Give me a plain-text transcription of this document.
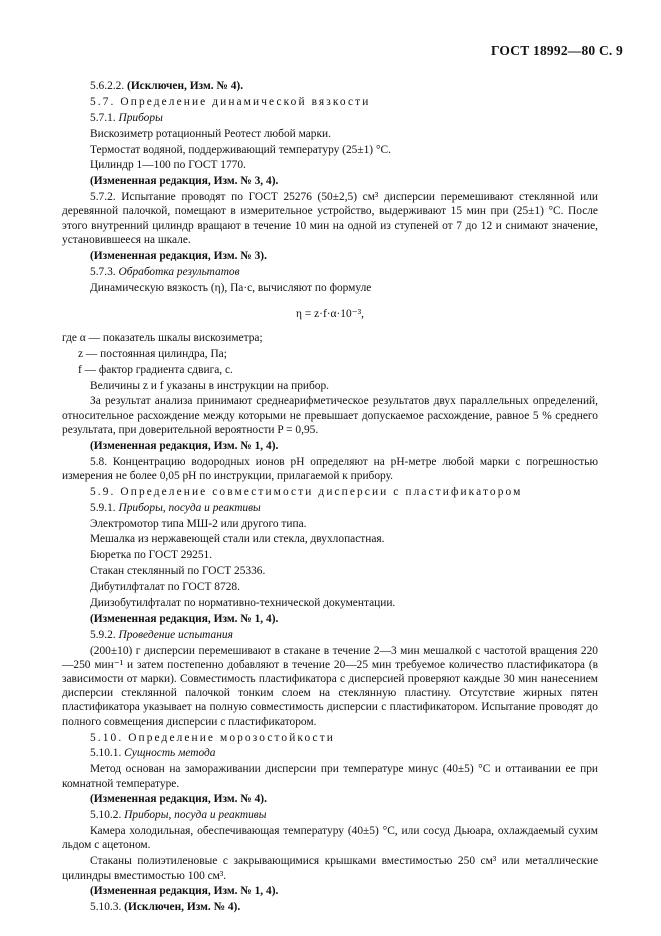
ГОСТ 18992—80 С. 9

5.6.2.2. (Исключен, Изм. № 4).

5.7. Определение динамической вязкости

5.7.1. Приборы

Вискозиметр ротационный Реотест любой марки.

Термостат водяной, поддерживающий температуру (25±1) °С.

Цилиндр 1—100 по ГОСТ 1770.

(Измененная редакция, Изм. № 3, 4).

5.7.2. Испытание проводят по ГОСТ 25276 (50±2,5) см³ дисперсии перемешивают стеклянной или деревянной палочкой, помещают в измерительное устройство, выдерживают 15 мин при (25±1) °С. После этого внутренний цилиндр вращают в течение 10 мин на одной из ступеней от 7 до 12 и снимают значение, установившееся на шкале.

(Измененная редакция, Изм. № 3).

5.7.3. Обработка результатов

Динамическую вязкость (η), Па·с, вычисляют по формуле

η = z·f·α·10⁻³,

где α — показатель шкалы вискозиметра;

z — постоянная цилиндра, Па;

f — фактор градиента сдвига, с.

Величины z и f указаны в инструкции на прибор.

За результат анализа принимают среднеарифметическое результатов двух параллельных определений, относительное расхождение между которыми не превышает допускаемое расхождение, равное 5 % среднего результата, при доверительной вероятности P = 0,95.

(Измененная редакция, Изм. № 1, 4).

5.8. Концентрацию водородных ионов рН определяют на рН-метре любой марки с погрешностью измерения не более 0,05 рН по инструкции, прилагаемой к прибору.

5.9. Определение совместимости дисперсии с пластификатором

5.9.1. Приборы, посуда и реактивы

Электромотор типа МШ-2 или другого типа.

Мешалка из нержавеющей стали или стекла, двухлопастная.

Бюретка по ГОСТ 29251.

Стакан стеклянный по ГОСТ 25336.

Дибутилфталат по ГОСТ 8728.

Диизобутилфталат по нормативно-технической документации.

(Измененная редакция, Изм. № 1, 4).

5.9.2. Проведение испытания

(200±10) г дисперсии перемешивают в стакане в течение 2—3 мин мешалкой с частотой вращения 220—250 мин⁻¹ и затем постепенно добавляют в течение 20—25 мин требуемое количество пластификатора (в зависимости от марки). Совместимость пластификатора с дисперсией проверяют каждые 30 мин нанесением дисперсии стеклянной палочкой тонким слоем на стеклянную пластину. Отсутствие жирных пятен пластификатора указывает на полную совместимость дисперсии с пластификатором. Испытание проводят до полного совмещения дисперсии с пластификатором.

5.10. Определение морозостойкости

5.10.1. Сущность метода

Метод основан на замораживании дисперсии при температуре минус (40±5) °С и оттаивании ее при комнатной температуре.

(Измененная редакция, Изм. № 4).

5.10.2. Приборы, посуда и реактивы

Камера холодильная, обеспечивающая температуру (40±5) °С, или сосуд Дьюара, охлаждаемый сухим льдом с ацетоном.

Стаканы полиэтиленовые с закрывающимися крышками вместимостью 250 см³ или металлические цилиндры вместимостью 100 см³.

(Измененная редакция, Изм. № 1, 4).

5.10.3. (Исключен, Изм. № 4).
